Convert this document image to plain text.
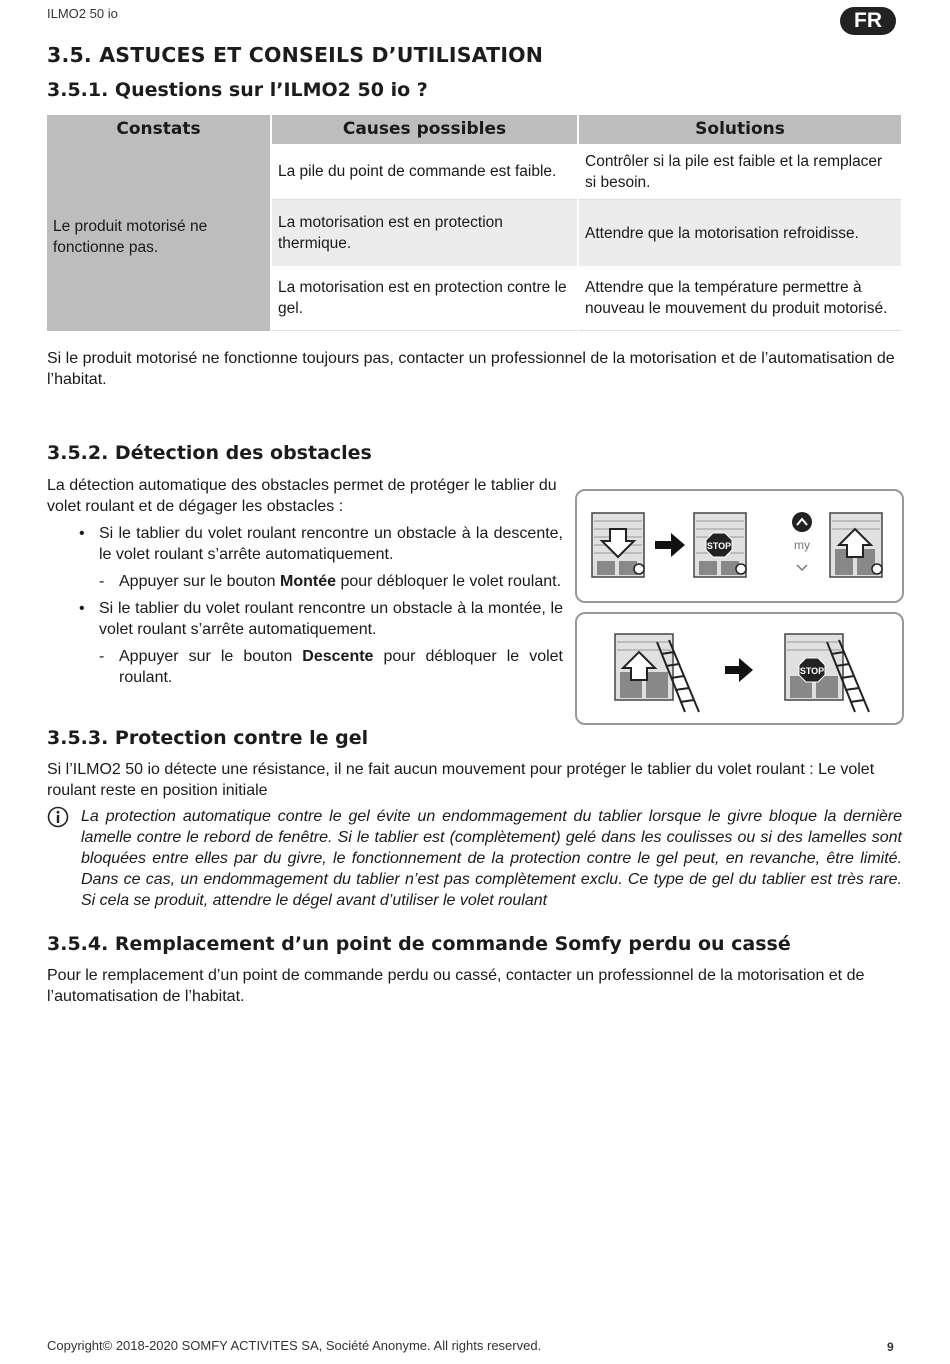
ILMO2 50 io	FR
3.5. ASTUCES ET CONSEILS D’UTILISATION
3.5.1. Questions sur l’ILMO2 50 io ?
Constats	Causes possibles	Solutions
Le produit motorisé ne fonctionne pas.	La pile du point de commande est faible.	Contrôler si la pile est faible et la remplacer si besoin.
	La motorisation est en protection thermique.	Attendre que la motorisation refroidisse.
	La motorisation est en protection contre le gel.	Attendre que la température permettre à nouveau le mouvement du produit motorisé.
Si le produit motorisé ne fonctionne toujours pas, contacter un professionnel de la motorisation et de l’automatisation de l’habitat.
3.5.2. Détection des obstacles

La détection automatique des obstacles permet de protéger le tablier du volet roulant et de dégager les obstacles :

• Si le tablier du volet roulant rencontre un obstacle à la descente, le volet roulant s’arrête automatiquement.
- Appuyer sur le bouton Montée pour débloquer le volet roulant.
• Si le tablier du volet roulant rencontre un obstacle à la montée, le volet roulant s’arrête automatiquement.
- Appuyer sur le bouton Descente pour débloquer le volet roulant.
STOP	my
STOP
3.5.3. Protection contre le gel
Si l’ILMO2 50 io détecte une résistance, il ne fait aucun mouvement pour protéger le tablier du volet roulant : Le volet roulant reste en position initiale
La protection automatique contre le gel évite un endommagement du tablier lorsque le givre bloque la dernière lamelle contre le rebord de fenêtre. Si le tablier est (complètement) gelé dans les coulisses ou si des lamelles sont bloquées entre elles par du givre, le fonctionnement de la protection contre le gel peut, en revanche, être limité. Dans ce cas, un endommagement du tablier n’est pas complètement exclu. Ce type de gel du tablier est très rare. Si cela se produit, attendre le dégel avant d’utiliser le volet roulant
3.5.4. Remplacement d’un point de commande Somfy perdu ou cassé
Pour le remplacement d’un point de commande perdu ou cassé, contacter un professionnel de la motorisation et de l’automatisation de l’habitat.
Copyright© 2018-2020 SOMFY ACTIVITES SA, Société Anonyme. All rights reserved.	9
